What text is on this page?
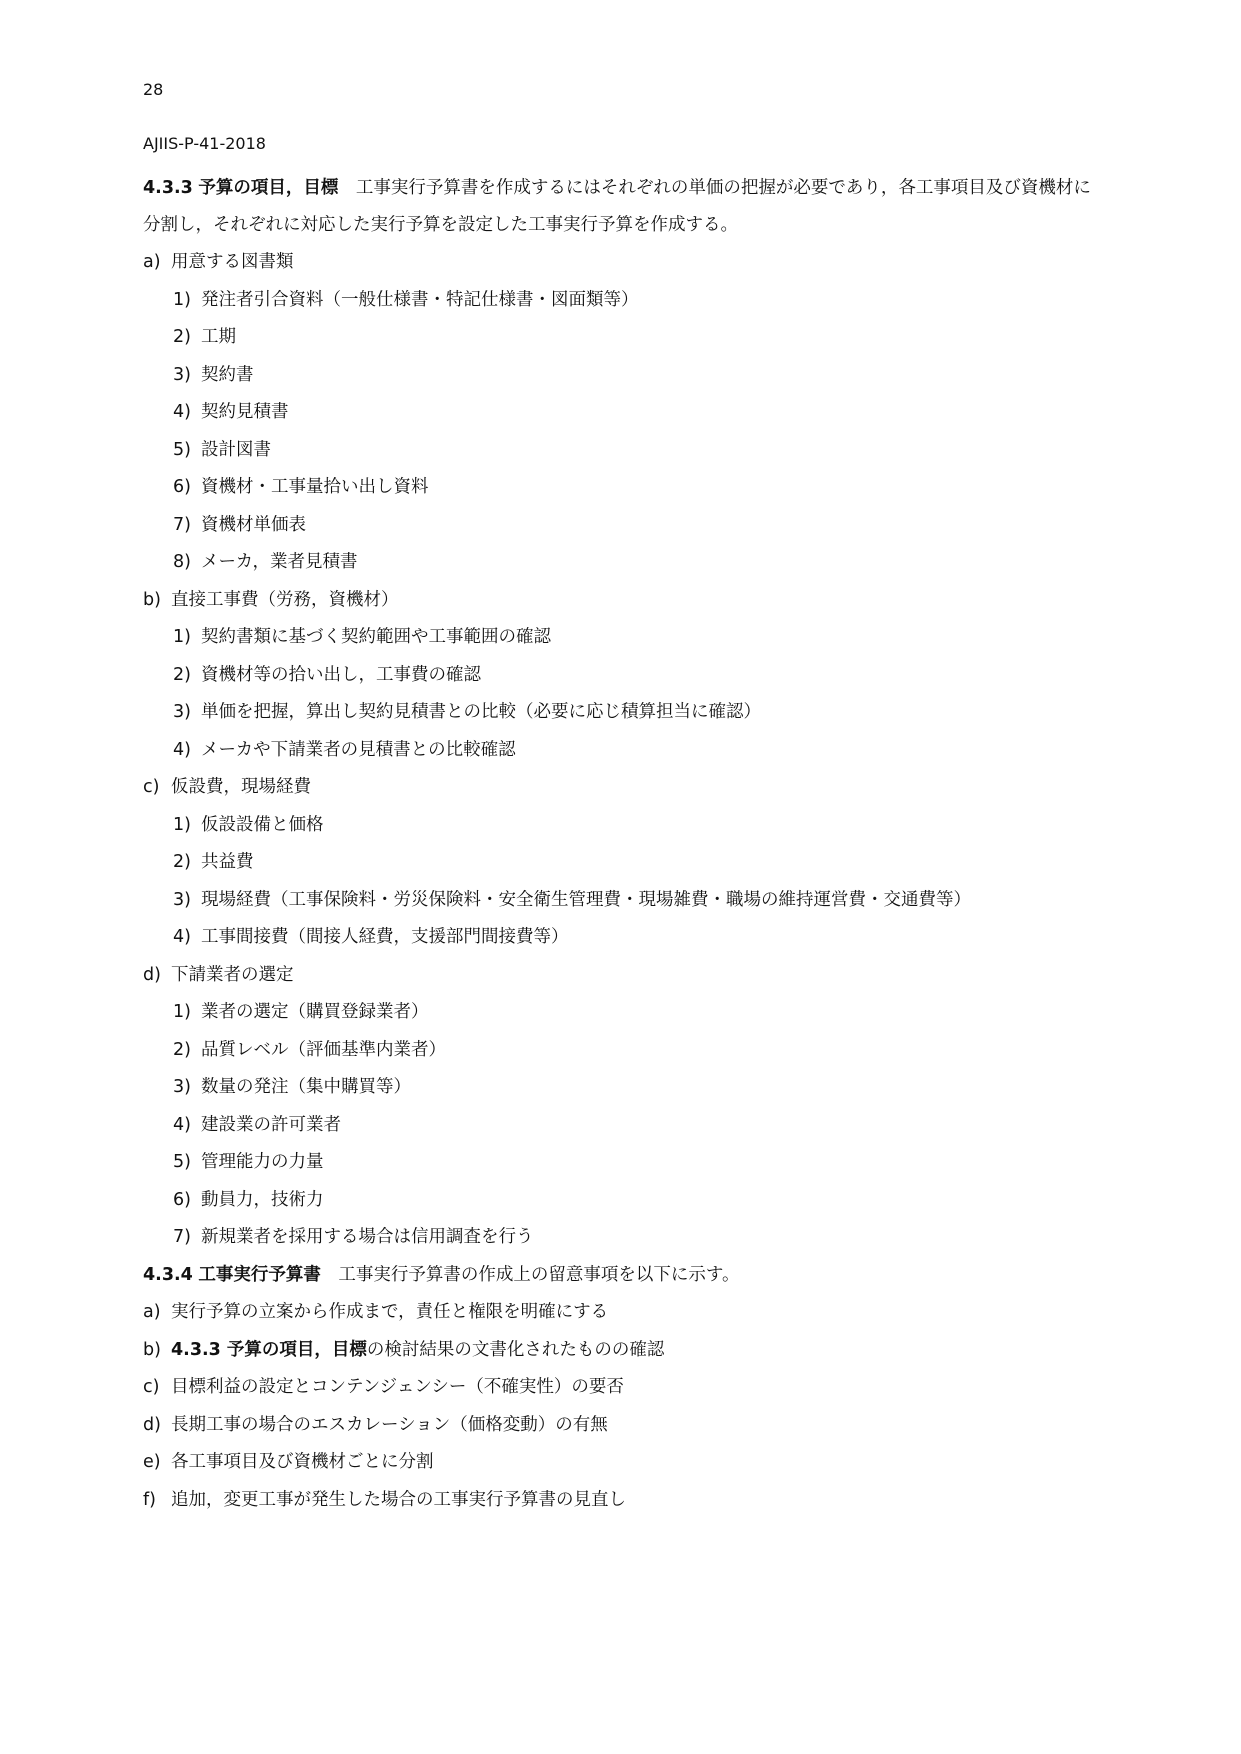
28
AJIIS-P-41-2018

4.3.3 予算の項目，目標　 工事実行予算書を作成するにはそれぞれの単価の把握が必要であり，各工事項目及び資機材に分割し，それぞれに対応した実行予算を設定した工事実行予算を作成する。

a) 用意する図書類
1) 発注者引合資料（一般仕様書・特記仕様書・図面類等）
2) 工期
3) 契約書
4) 契約見積書
5) 設計図書
6) 資機材・工事量拾い出し資料
7) 資機材単価表
8) メーカ，業者見積書
b) 直接工事費（労務，資機材）
1) 契約書類に基づく契約範囲や工事範囲の確認
2) 資機材等の拾い出し，工事費の確認
3) 単価を把握，算出し契約見積書との比較（必要に応じ積算担当に確認）
4) メーカや下請業者の見積書との比較確認
c) 仮設費，現場経費
1) 仮設設備と価格
2) 共益費
3) 現場経費（工事保険料・労災保険料・安全衛生管理費・現場雑費・職場の維持運営費・交通費等）
4) 工事間接費（間接人経費，支援部門間接費等）
d) 下請業者の選定
1) 業者の選定（購買登録業者）
2) 品質レベル（評価基準内業者）
3) 数量の発注（集中購買等）
4) 建設業の許可業者
5) 管理能力の力量
6) 動員力，技術力
7) 新規業者を採用する場合は信用調査を行う
4.3.4 工事実行予算書　 工事実行予算書の作成上の留意事項を以下に示す。
a) 実行予算の立案から作成まで，責任と権限を明確にする
b) 4.3.3 予算の項目，目標の検討結果の文書化されたものの確認
c) 目標利益の設定とコンテンジェンシー（不確実性）の要否
d) 長期工事の場合のエスカレーション（価格変動）の有無
e) 各工事項目及び資機材ごとに分割
f) 追加，変更工事が発生した場合の工事実行予算書の見直し
